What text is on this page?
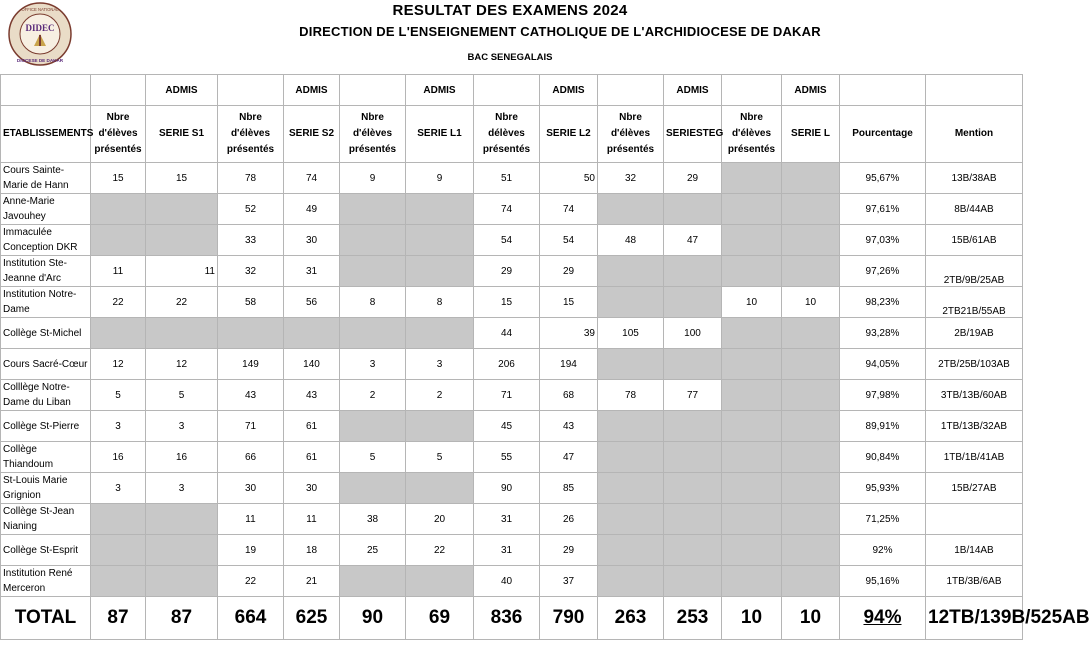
DIDEC
OFFICE NATIONAL
DIOCESE DE DAKAR
RESULTAT DES EXAMENS 2024
DIRECTION DE L'ENSEIGNEMENT CATHOLIQUE DE L'ARCHIDIOCESE DE DAKAR
BAC SENEGALAIS
		ADMIS		ADMIS		ADMIS		ADMIS		ADMIS		ADMIS		
ETABLISSEMENTS	Nbre d'élèves présentés	SERIE S1	Nbre d'élèves présentés	SERIE S2	Nbre d'élèves présentés	SERIE L1	Nbre délèves présentés	SERIE L2	Nbre d'élèves présentés	SERIESTEG	Nbre d'élèves présentés	SERIE L	Pourcentage	Mention
Cours Sainte-Marie de Hann	15	15	78	74	9	9	51	50	32	29			95,67%	13B/38AB
Anne-Marie Javouhey			52	49			74	74					97,61%	8B/44AB
Immaculée Conception DKR			33	30			54	54	48	47			97,03%	15B/61AB
Institution Ste-Jeanne d'Arc	11	11	32	31			29	29					97,26%	2TB/9B/25AB
Institution Notre-Dame	22	22	58	56	8	8	15	15			10	10	98,23%	2TB21B/55AB
Collège St-Michel							44	39	105	100			93,28%	2B/19AB
Cours Sacré-Cœur	12	12	149	140	3	3	206	194					94,05%	2TB/25B/103AB
Colllège Notre-Dame du Liban	5	5	43	43	2	2	71	68	78	77			97,98%	3TB/13B/60AB
Collège St-Pierre	3	3	71	61			45	43					89,91%	1TB/13B/32AB
Collège Thiandoum	16	16	66	61	5	5	55	47					90,84%	1TB/1B/41AB
St-Louis Marie Grignion	3	3	30	30			90	85					95,93%	15B/27AB
Collège St-Jean Nianing			11	11	38	20	31	26					71,25%	
Collège St-Esprit			19	18	25	22	31	29					92%	1B/14AB
Institution René Merceron			22	21			40	37					95,16%	1TB/3B/6AB
TOTAL	87	87	664	625	90	69	836	790	263	253	10	10	94%	12TB/139B/525AB
